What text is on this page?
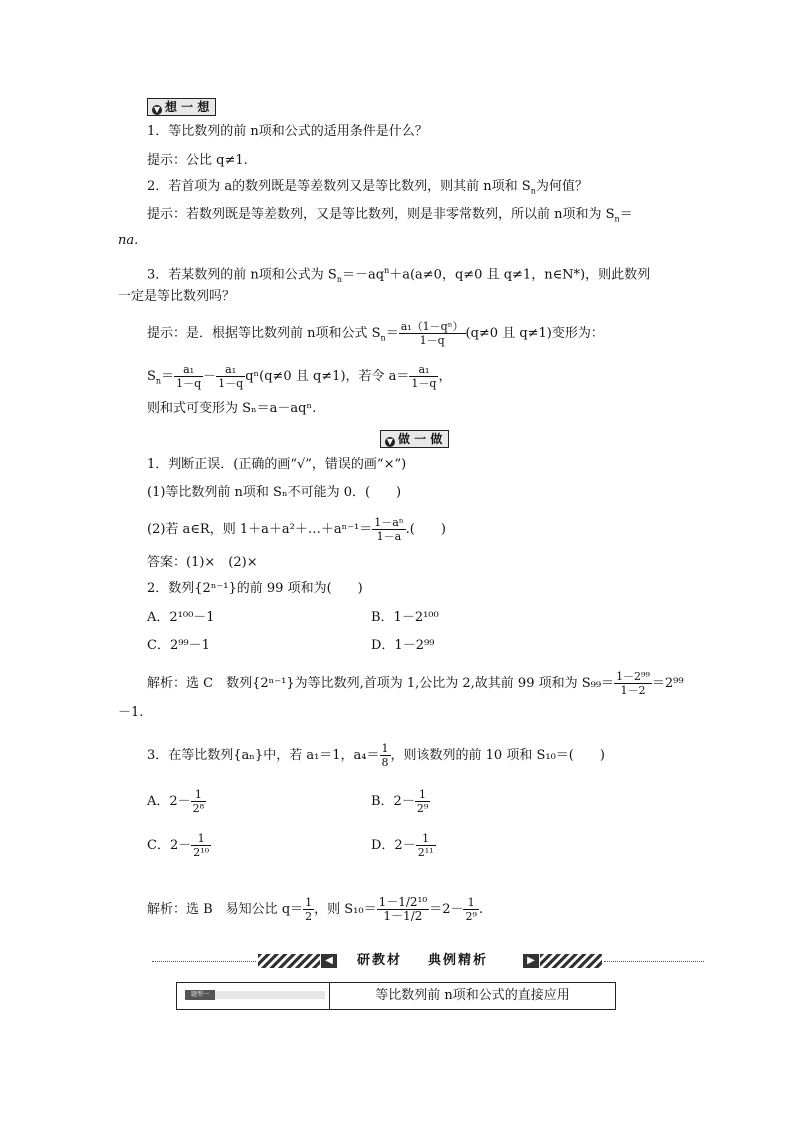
▼ 想 一 想
1．等比数列的前 n项和公式的适用条件是什么？
提示：公比 q≠1.
2．若首项为 a的数列既是等差数列又是等比数列，则其前 n项和 $S_n$为何值？
提示：若数列既是等差数列，又是等比数列，则是非零常数列，所以前 n项和为 $S_n=$
na.
3．若某数列的前 n项和公式为 $S_n=-aq^n+a(a\ne 0$，q≠0 且 q≠1，n∈N*)，则此数列
一定是等比数列吗？
提示：是．根据等比数列前 n项和公式 $S_n= \frac{\text{a₁（1－qⁿ）}}{1-q} (q\ne 0$ 且 q≠1)变形为：
$S_n= \frac{\text{a₁}}{1-q} - \frac{\text{a₁}}{1-q} q^n(q\ne 0$ 且 q≠1)，若令 $a= \frac{\text{a₁}}{1-q}$ ，
则和式可变形为 Sₙ＝a－aqⁿ.
▼ 做 一 做
1．判断正误．(正确的画“√”，错误的画“×”)
(1)等比数列前 n项和 Sₙ不可能为 0．(　　)
(2)若 a∈R，则 1＋a＋a²＋…＋aⁿ⁻¹＝ $\frac{\text{1－aⁿ}}{1-a}$ .(　　)
答案：(1)×　(2)×
2．数列{2ⁿ⁻¹}的前 99 项和为(　　)
A．2¹⁰⁰－1	B．1－2¹⁰⁰
C．2⁹⁹－1	D．1－2⁹⁹
解析：选 C　数列{2ⁿ⁻¹}为等比数列,首项为 1,公比为 2,故其前 99 项和为 $S_{99}= \frac{\text{1－2⁹⁹}}{1-2} =2^{99}$
－1.
3．在等比数列{aₙ}中，若 a₁＝1，$a_4= \frac{1}{8}$ ，则该数列的前 10 项和 S₁₀＝(　　)
A．$2- \frac{1}{\text{2⁸}}$	B．$2- \frac{1}{\text{2⁹}}$
C．$2- \frac{1}{\text{2¹⁰}}$	D．$2- \frac{1}{\text{2¹¹}}$
解析：选 B　易知公比 $q= \frac{1}{2}$ ，则 $S_{10}= \frac{\text{1－1/2¹⁰}}{1-1/2} =2- \frac{1}{\text{2⁹}}$ .
◀	研教材 典例精析	▶
题型一	等比数列前 n项和公式的直接应用
